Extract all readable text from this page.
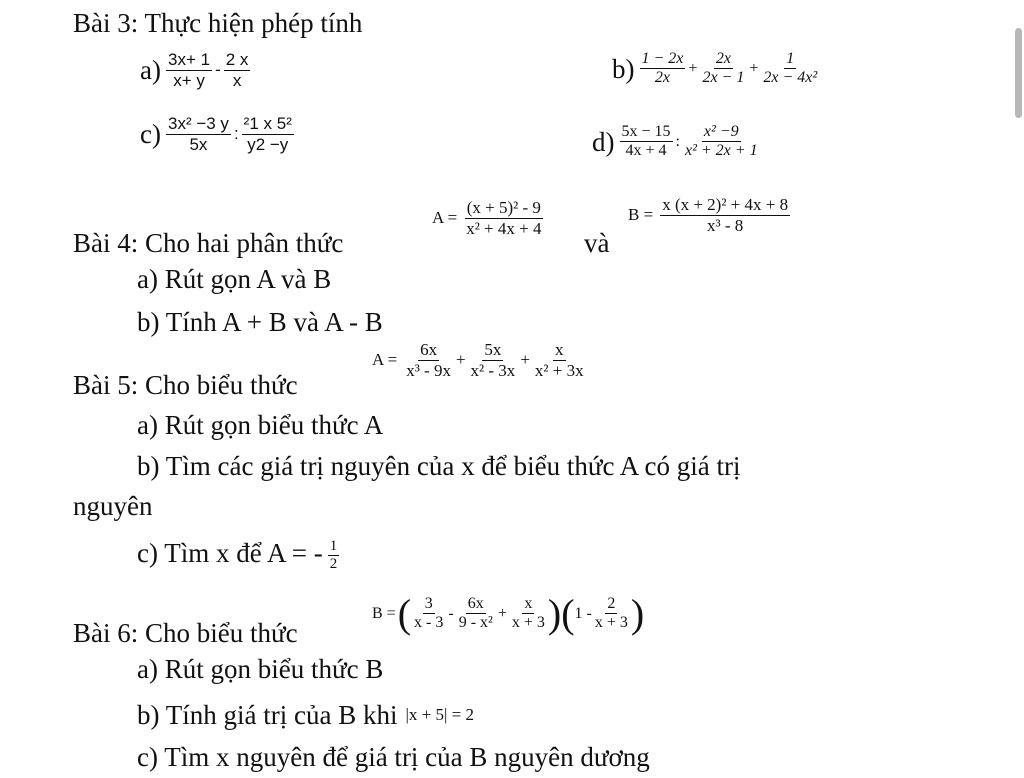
Bài 3: Thực hiện phép tính
$a) \frac{3x+ 1}{x+ y} - \frac{2 x}{x}$	$b) \frac{1 - 2x}{2x} + \frac{2x}{2x - 1} + \frac{1}{\text{2x − 4x²}}$
$c) \frac{\text{3x² −3 y}}{5x}$ : $\frac{\text{²1 x 5²}}{y2 -y}$	$d) \frac{5x - 15}{4x + 4}$ : $\frac{\text{x² −9}}{\text{x² + 2x + 1}}$
Bài 4: Cho hai phân thức
$A = \frac{\text{(x + 5)² - 9}}{\text{x² + 4x + 4}}$
và
$B = \frac{\text{x (x + 2)² + 4x + 8}}{\text{x³ - 8}}$
a) Rút gọn A và B
b) Tính A + B và A - B
Bài 5: Cho biểu thức
$A = \frac{6x}{\text{x³ - 9x}} + \frac{5x}{\text{x² - 3x}} + \frac{x}{\text{x² + 3x}}$
a) Rút gọn biểu thức A
b) Tìm các giá trị nguyên của x để biểu thức A có giá trị
nguyên
c) Tìm x để A = - $\frac{1}{2}$
Bài 6: Cho biểu thức
B =( $\frac{3}{x - 3} - \frac{6x}{\text{9 - x²}} + \frac{x}{x + 3} )(1 - \frac{2}{x + 3}$ )
a) Rút gọn biểu thức B
b) Tính giá trị của B khi |x + 5| = 2
c) Tìm x nguyên để giá trị của B nguyên dương
